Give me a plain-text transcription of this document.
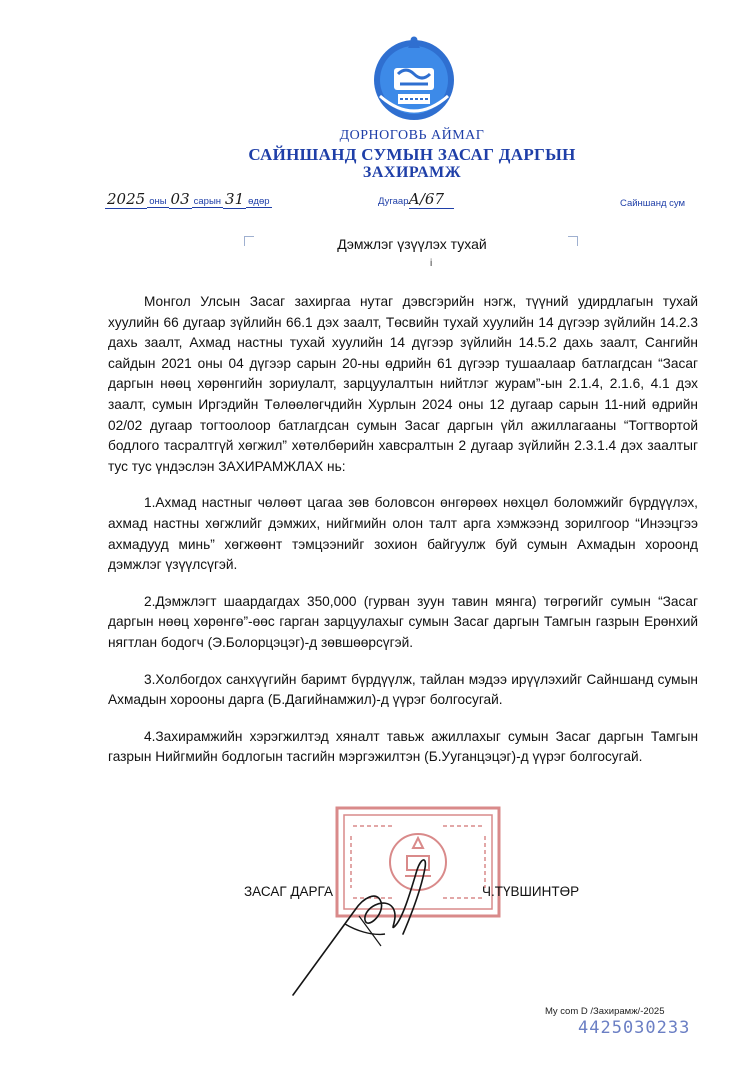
ДОРНОГОВЬ АЙМАГ
САЙНШАНД СУМЫН ЗАСАГ ДАРГЫН
ЗАХИРАМЖ
2025 оны 03 сарын 31 өдөр	ДугаарА/67	Сайншанд сум
Дэмжлэг үзүүлэх тухай
і

Монгол Улсын Засаг захиргаа нутаг дэвсгэрийн нэгж, түүний удирдлагын тухай хуулийн 66 дугаар зүйлийн 66.1 дэх заалт, Төсвийн тухай хуулийн 14 дүгээр зүйлийн 14.2.3 дахь заалт, Ахмад настны тухай хуулийн 14 дүгээр зүйлийн 14.5.2 дахь заалт, Сангийн сайдын 2021 оны 04 дүгээр сарын 20-ны өдрийн 61 дүгээр тушаалаар батлагдсан “Засаг даргын нөөц хөрөнгийн зориулалт, зарцуулалтын нийтлэг журам”-ын 2.1.4, 2.1.6, 4.1 дэх заалт, сумын Иргэдийн Төлөөлөгчдийн Хурлын 2024 оны 12 дугаар сарын 11-ний өдрийн 02/02 дугаар тогтоолоор батлагдсан сумын Засаг даргын үйл ажиллагааны “Тогтвортой бодлого тасралтгүй хөгжил” хөтөлбөрийн хавсралтын 2 дугаар зүйлийн 2.3.1.4 дэх заалтыг тус тус үндэслэн ЗАХИРАМЖЛАХ нь:

1.Ахмад настныг чөлөөт цагаа зөв боловсон өнгөрөөх нөхцөл боломжийг бүрдүүлэх, ахмад настны хөгжлийг дэмжих, нийгмийн олон талт арга хэмжээнд зорилгоор “Инээцгээ ахмадууд минь” хөгжөөнт тэмцээнийг зохион байгуулж буй сумын Ахмадын хороонд дэмжлэг үзүүлсүгэй.

2.Дэмжлэгт шаардагдах 350,000 (гурван зуун тавин мянга) төгрөгийг сумын “Засаг даргын нөөц хөрөнгө”-өөс гарган зарцуулахыг сумын Засаг даргын Тамгын газрын Ерөнхий нягтлан бодогч (Э.Болорцэцэг)-д зөвшөөрсүгэй.

3.Холбогдох санхүүгийн баримт бүрдүүлж, тайлан мэдээ ирүүлэхийг Сайншанд сумын Ахмадын хорооны дарга (Б.Дагийнамжил)-д үүрэг болгосугай.

4.Захирамжийн хэрэгжилтэд хяналт тавьж ажиллахыг сумын Засаг даргын Тамгын газрын Нийгмийн бодлогын тасгийн мэргэжилтэн (Б.Ууганцэцэг)-д үүрэг болгосугай.

ЗАСАГ ДАРГА	Ч.ТҮВШИНТӨР
My com D /Захирамж/-2025
4425030233
